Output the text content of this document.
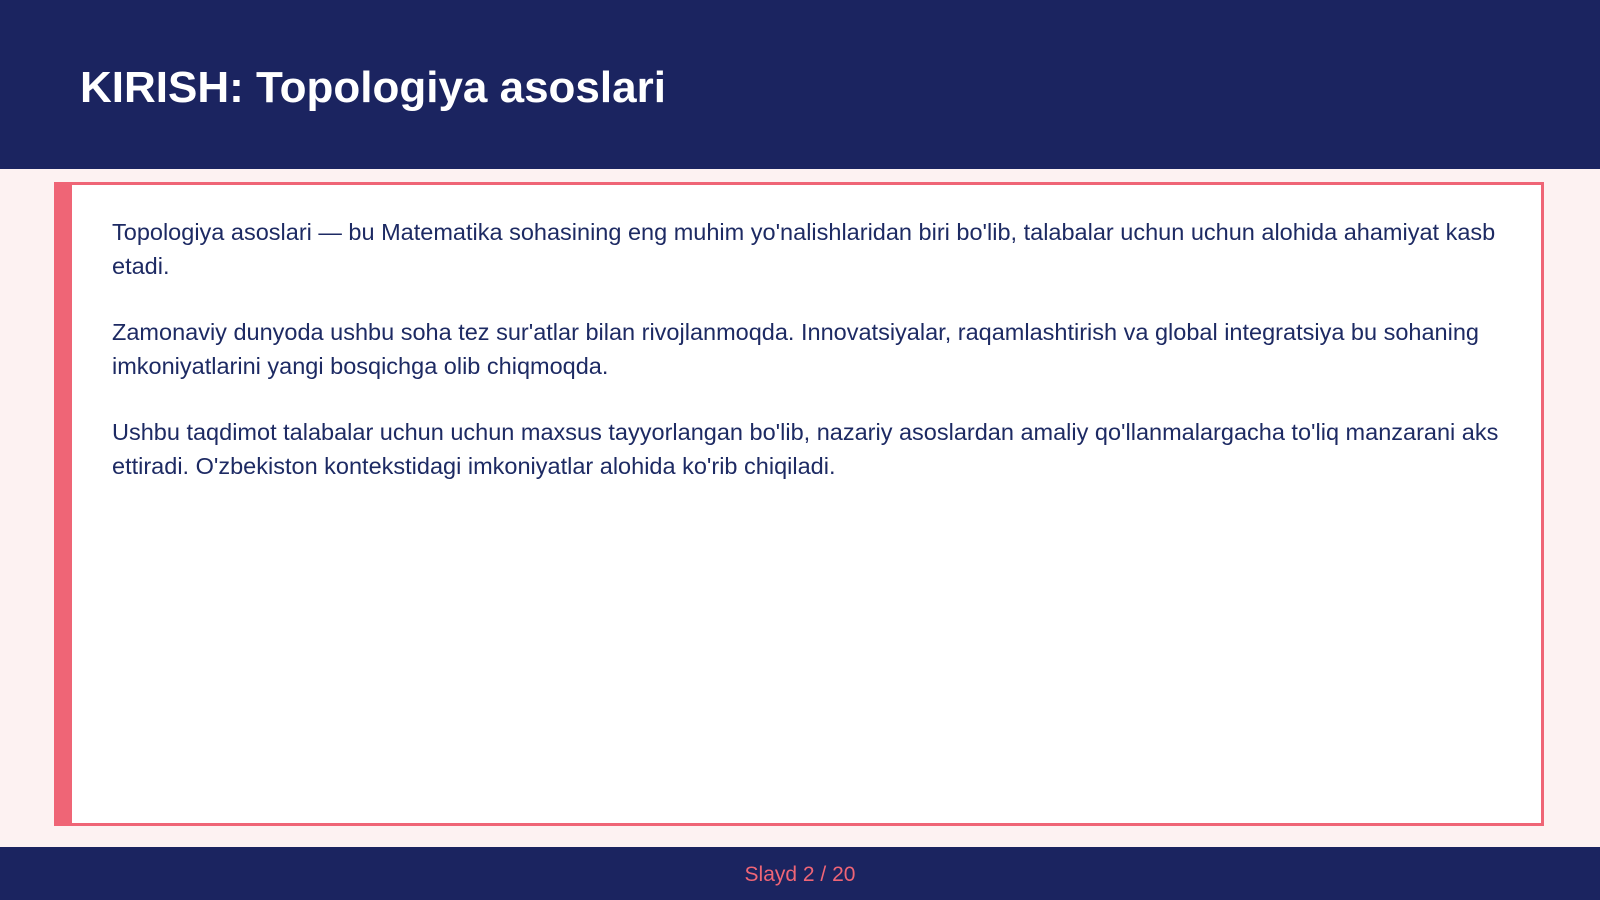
KIRISH: Topologiya asoslari

Topologiya asoslari — bu Matematika sohasining eng muhim yo'nalishlaridan biri bo'lib, talabalar uchun uchun alohida ahamiyat kasb etadi.

Zamonaviy dunyoda ushbu soha tez sur'atlar bilan rivojlanmoqda. Innovatsiyalar, raqamlashtirish va global integratsiya bu sohaning imkoniyatlarini yangi bosqichga olib chiqmoqda.

Ushbu taqdimot talabalar uchun uchun maxsus tayyorlangan bo'lib, nazariy asoslardan amaliy qo'llanmalargacha to'liq manzarani aks ettiradi. O'zbekiston kontekstidagi imkoniyatlar alohida ko'rib chiqiladi.

Slayd 2 / 20
